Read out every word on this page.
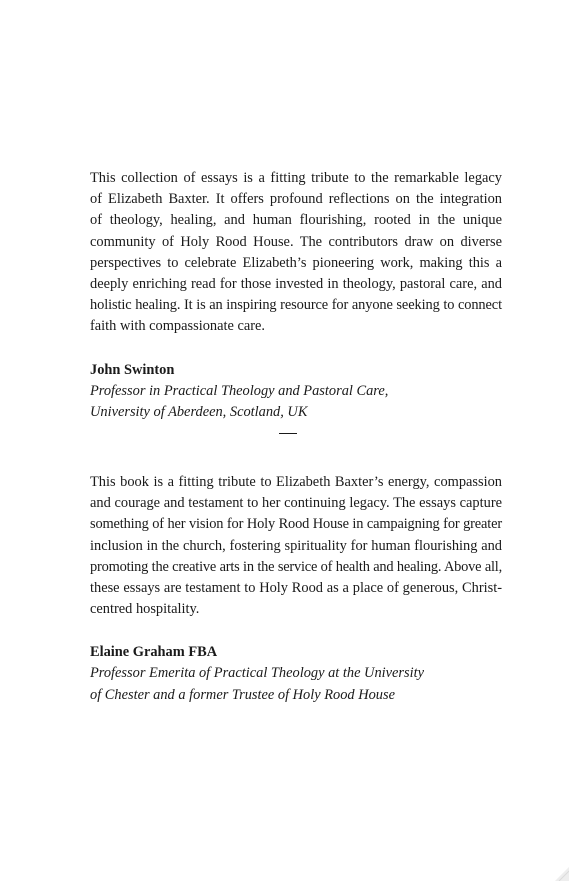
This collection of essays is a fitting tribute to the remarkable legacy
of Elizabeth Baxter. It offers profound reflections on the integration
of theology, healing, and human flourishing, rooted in the unique
community of Holy Rood House. The contributors draw on diverse
perspectives to celebrate Elizabeth’s pioneering work, making this a
deeply enriching read for those invested in theology, pastoral care, and
holistic healing. It is an inspiring resource for anyone seeking to connect
faith with compassionate care.

John Swinton
Professor in Practical Theology and Pastoral Care,
University of Aberdeen, Scotland, UK

This book is a fitting tribute to Elizabeth Baxter’s energy, compassion
and courage and testament to her continuing legacy. The essays capture
something of her vision for Holy Rood House in campaigning for greater
inclusion in the church, fostering spirituality for human flourishing and
promoting the creative arts in the service of health and healing. Above all,
these essays are testament to Holy Rood as a place of generous, Christ-
centred hospitality.

Elaine Graham FBA
Professor Emerita of Practical Theology at the University
of Chester and a former Trustee of Holy Rood House
